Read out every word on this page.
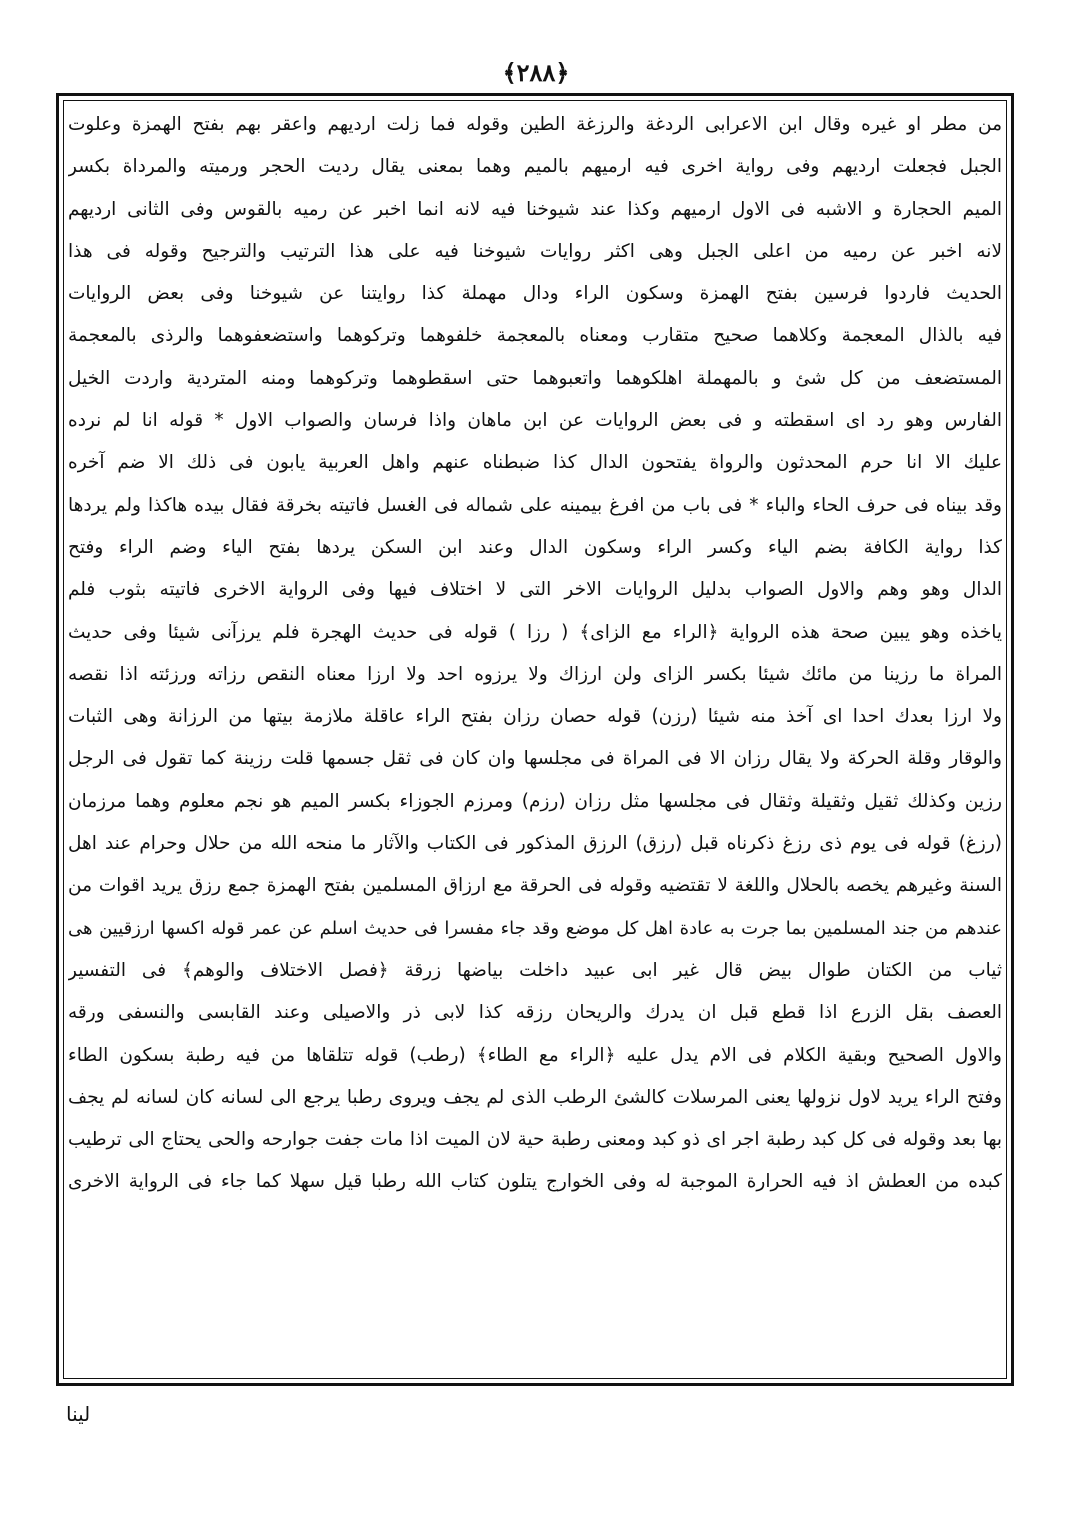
﴿٢٨٨﴾
من مطر او غيره وقال ابن الاعرابى الردغة والرزغة الطين وقوله فما زلت ارديهم واعقر بهم بفتح الهمزة وعلوت
الجبل فجعلت ارديهم وفى رواية اخرى فيه ارميهم بالميم وهما بمعنى يقال رديت الحجر ورميته والمرداة بكسر
الميم الحجارة و الاشبه فى الاول ارميهم وكذا عند شيوخنا فيه لانه انما اخبر عن رميه بالقوس وفى الثانى ارديهم
لانه اخبر عن رميه من اعلى الجبل وهى اكثر روايات شيوخنا فيه على هذا الترتيب والترجيح وقوله فى هذا
الحديث فاردوا فرسين بفتح الهمزة وسكون الراء ودال مهملة كذا روايتنا عن شيوخنا وفى بعض الروايات
فيه بالذال المعجمة وكلاهما صحيح متقارب ومعناه بالمعجمة خلفوهما وتركوهما واستضعفوهما والرذى بالمعجمة
المستضعف من كل شئ و بالمهملة اهلكوهما واتعبوهما حتى اسقطوهما وتركوهما ومنه المتردية واردت الخيل
الفارس وهو رد اى اسقطته و فى بعض الروايات عن ابن ماهان واذا فرسان والصواب الاول * قوله انا لم نرده
عليك الا انا حرم المحدثون والرواة يفتحون الدال كذا ضبطناه عنهم واهل العربية يابون فى ذلك الا ضم آخره
وقد بيناه فى حرف الحاء والباء * فى باب من افرغ بيمينه على شماله فى الغسل فاتيته بخرقة فقال بيده هاكذا ولم يردها
كذا رواية الكافة بضم الياء وكسر الراء وسكون الدال وعند ابن السكن يردها بفتح الياء وضم الراء وفتح
الدال وهو وهم والاول الصواب بدليل الروايات الاخر التى لا اختلاف فيها وفى الرواية الاخرى فاتيته بثوب فلم
ياخذه وهو يبين صحة هذه الرواية ﴿الراء مع الزاى﴾ ( رزا ) قوله فى حديث الهجرة فلم يرزآنى شيئا وفى حديث
المراة ما رزينا من مائك شيئا بكسر الزاى ولن ارزاك ولا يرزوه احد ولا ارزا معناه النقص رزاته ورزئته اذا نقصه
ولا ارزا بعدك احدا اى آخذ منه شيئا (رزن) قوله حصان رزان بفتح الراء عاقلة ملازمة بيتها من الرزانة وهى الثبات
والوقار وقلة الحركة ولا يقال رزان الا فى المراة فى مجلسها وان كان فى ثقل جسمها قلت رزينة كما تقول فى الرجل
رزين وكذلك ثقيل وثقيلة وثقال فى مجلسها مثل رزان (رزم) ومرزم الجوزاء بكسر الميم هو نجم معلوم وهما مرزمان
(رزغ) قوله فى يوم ذى رزغ ذكرناه قبل (رزق) الرزق المذكور فى الكتاب والآثار ما منحه الله من حلال وحرام عند اهل
السنة وغيرهم يخصه بالحلال واللغة لا تقتضيه وقوله فى الحرقة مع ارزاق المسلمين بفتح الهمزة جمع رزق يريد اقوات من
عندهم من جند المسلمين بما جرت به عادة اهل كل موضع وقد جاء مفسرا فى حديث اسلم عن عمر قوله اكسها ارزقيين هى
ثياب من الكتان طوال بيض قال غير ابى عبيد داخلت بياضها زرقة ﴿فصل الاختلاف والوهم﴾ فى التفسير
العصف بقل الزرع اذا قطع قبل ان يدرك والريحان رزقه كذا لابى ذر والاصيلى وعند القابسى والنسفى ورقه
والاول الصحيح وبقية الكلام فى الام يدل عليه ﴿الراء مع الطاء﴾ (رطب) قوله تتلقاها من فيه رطبة بسكون الطاء
وفتح الراء يريد لاول نزولها يعنى المرسلات كالشئ الرطب الذى لم يجف ويروى رطبا يرجع الى لسانه كان لسانه لم يجف
بها بعد وقوله فى كل كبد رطبة اجر اى ذو كبد ومعنى رطبة حية لان الميت اذا مات جفت جوارحه والحى يحتاج الى ترطيب
كبده من العطش اذ فيه الحرارة الموجبة له وفى الخوارج يتلون كتاب الله رطبا قيل سهلا كما جاء فى الرواية الاخرى
لينا
